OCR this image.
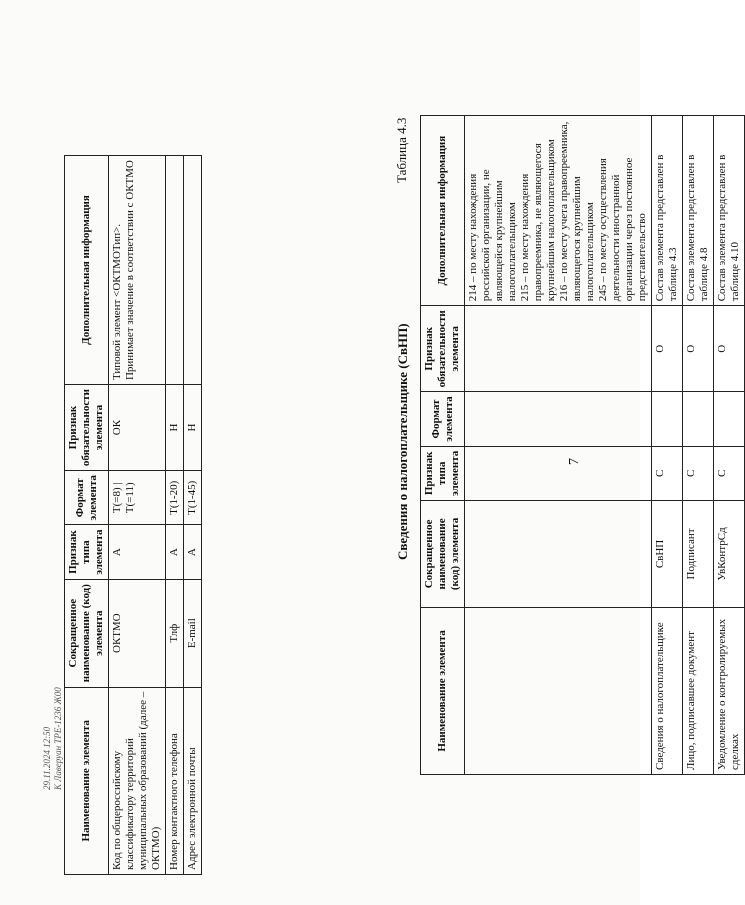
7
Наименование элемента	Сокращенное наименование (код) элемента	Признак типа элемента	Формат элемента	Признак обязательности элемента	Дополнительная информация

					214 – по месту нахождения российской организации, не являющейся крупнейшим налогоплательщиком 215 – по месту нахождения правопреемника, не являющегося крупнейшим налогоплательщиком 216 – по месту учета правопреемника, являющегося крупнейшим налогоплательщиком 245 – по месту осуществления деятельности иностранной организации через постоянное представительство

Сведения о налогоплательщике	СвНП	С		О	Состав элемента представлен в таблице 4.3
Лицо, подписавшее документ	Подписант	С		О	Состав элемента представлен в таблице 4.8
Уведомление о контролируемых сделках	УвКонтрСд	С		О	Состав элемента представлен в таблице 4.10
Таблица 4.3
Сведения о налогоплательщике (СвНП)
Наименование элемента	Сокращенное наименование (код) элемента	Признак типа элемента	Формат элемента	Признак обязательности элемента	Дополнительная информация
Код по общероссийскому классификатору территорий муниципальных образований (далее – ОКТМО)	ОКТМО	А	T(=8) | T(=11)	ОК	Типовой элемент <ОКТМОТип>. Принимает значение в соответствии с ОКТМО

Номер контактного телефона	Тлф	А	T(1-20)	Н	
Адрес электронной почты	E-mail	А	T(1-45)	Н	
29.11.2024 12:50 К Лаверуан ТРЕ-1236 Ж00
